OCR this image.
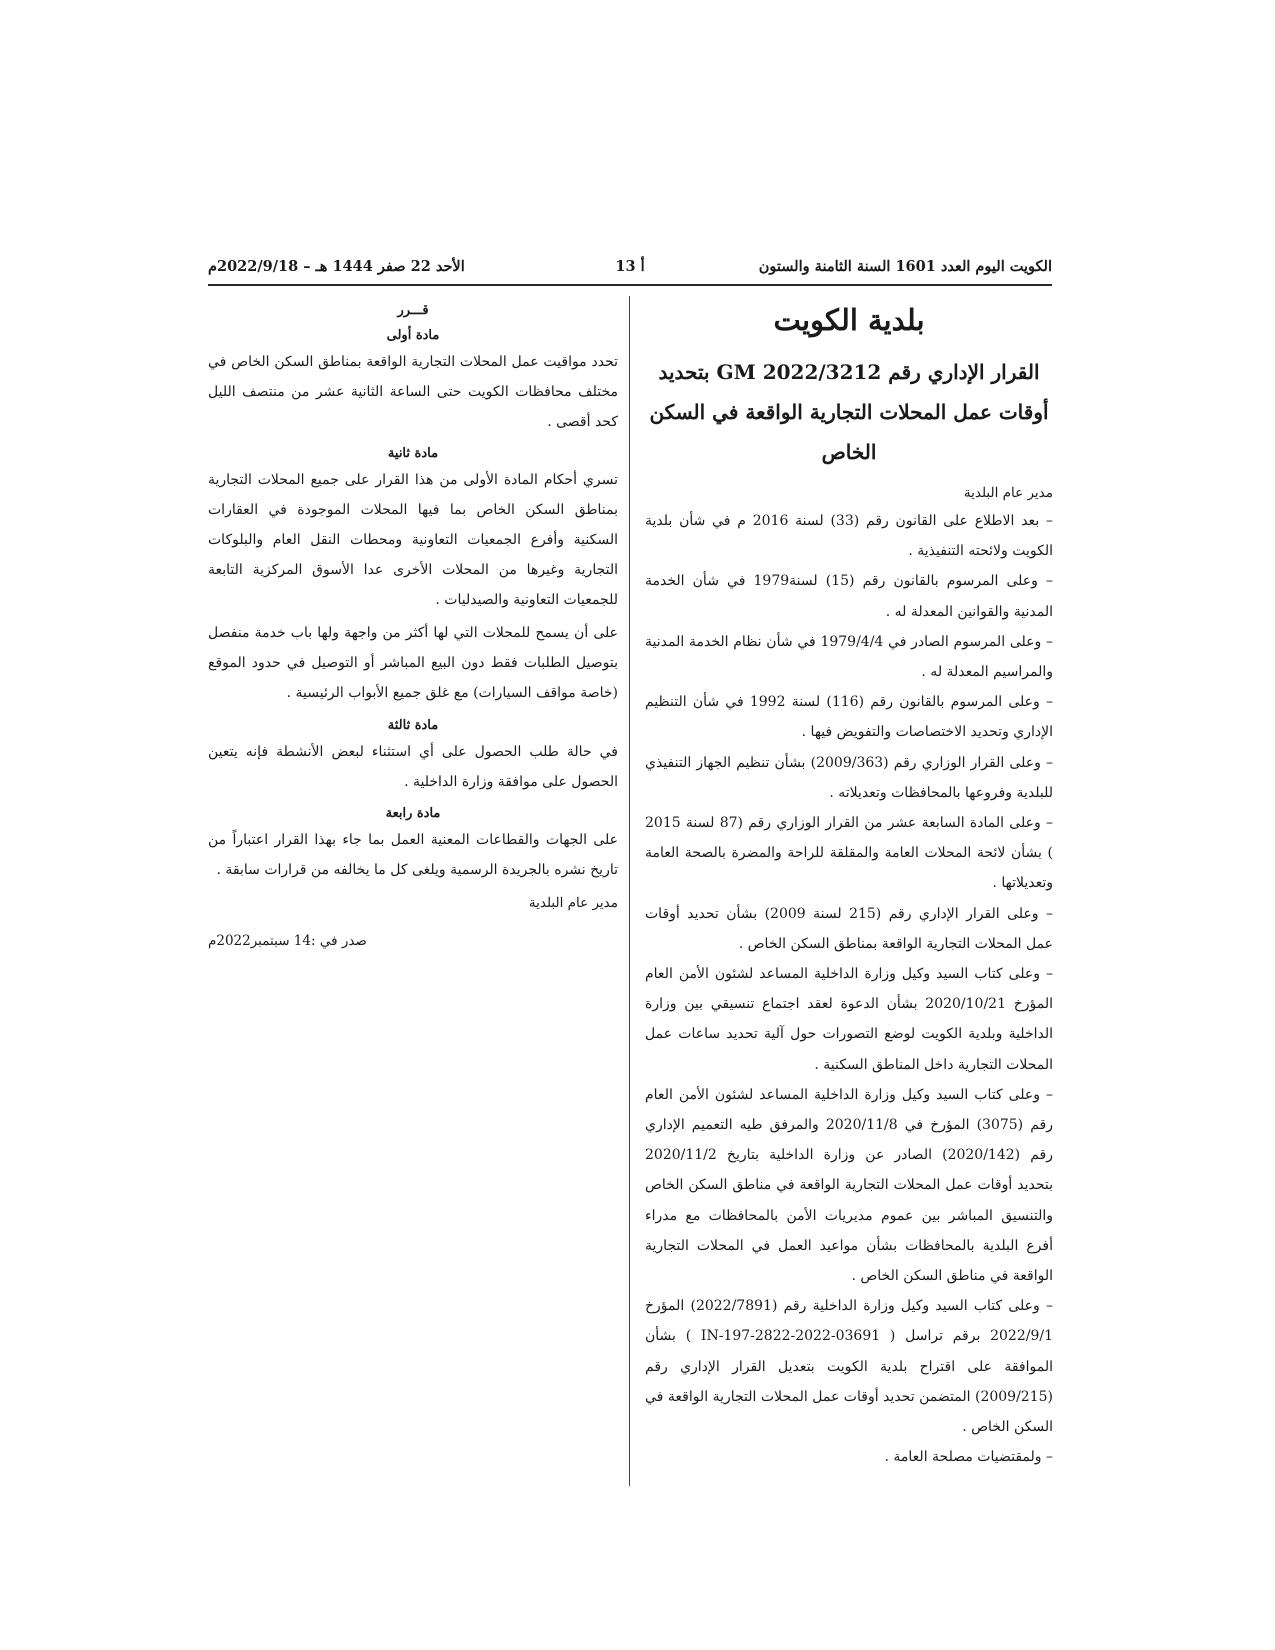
الكويت اليوم العدد 1601 السنة الثامنة والستون
أ 13
الأحد 22 صفر 1444 هـ – 2022/9/18م
بلدية الكويت
القرار الإداري رقم GM 2022/3212 بتحديد أوقات عمل المحلات التجارية الواقعة في السكن الخاص
مدير عام البلدية

– بعد الاطلاع على القانون رقم (33) لسنة 2016 م في شأن بلدية الكويت ولائحته التنفيذية .

– وعلى المرسوم بالقانون رقم (15) لسنة1979 في شأن الخدمة المدنية والقوانين المعدلة له .

– وعلى المرسوم الصادر في 1979/4/4 في شأن نظام الخدمة المدنية والمراسيم المعدلة له .

– وعلى المرسوم بالقانون رقم (116) لسنة 1992 في شأن التنظيم الإداري وتحديد الاختصاصات والتفويض فيها .

– وعلى القرار الوزاري رقم (2009/363) بشأن تنظيم الجهاز التنفيذي للبلدية وفروعها بالمحافظات وتعديلاته .

– وعلى المادة السابعة عشر من القرار الوزاري رقم (87 لسنة 2015 ) بشأن لائحة المحلات العامة والمقلقة للراحة والمضرة بالصحة العامة وتعديلاتها .

– وعلى القرار الإداري رقم (215 لسنة 2009) بشأن تحديد أوقات عمل المحلات التجارية الواقعة بمناطق السكن الخاص .

– وعلى كتاب السيد وكيل وزارة الداخلية المساعد لشئون الأمن العام المؤرخ 2020/10/21 بشأن الدعوة لعقد اجتماع تنسيقي بين وزارة الداخلية وبلدية الكويت لوضع التصورات حول آلية تحديد ساعات عمل المحلات التجارية داخل المناطق السكنية .

– وعلى كتاب السيد وكيل وزارة الداخلية المساعد لشئون الأمن العام رقم (3075) المؤرخ في 2020/11/8 والمرفق طيه التعميم الإداري رقم (2020/142) الصادر عن وزارة الداخلية بتاريخ 2020/11/2 بتحديد أوقات عمل المحلات التجارية الواقعة في مناطق السكن الخاص والتنسيق المباشر بين عموم مديريات الأمن بالمحافظات مع مدراء أفرع البلدية بالمحافظات بشأن مواعيد العمل في المحلات التجارية الواقعة في مناطق السكن الخاص .

– وعلى كتاب السيد وكيل وزارة الداخلية رقم (2022/7891) المؤرخ 2022/9/1 برقم تراسل ( IN-197-2822-2022-03691 ) بشأن الموافقة على اقتراح بلدية الكويت بتعديل القرار الإداري رقم (2009/215) المتضمن تحديد أوقات عمل المحلات التجارية الواقعة في السكن الخاص .

– ولمقتضيات مصلحة العامة .

قـــرر
مادة أولى

تحدد مواقيت عمل المحلات التجارية الواقعة بمناطق السكن الخاص في مختلف محافظات الكويت حتى الساعة الثانية عشر من منتصف الليل كحد أقصى .

مادة ثانية

تسري أحكام المادة الأولى من هذا القرار على جميع المحلات التجارية بمناطق السكن الخاص بما فيها المحلات الموجودة في العقارات السكنية وأفرع الجمعيات التعاونية ومحطات النقل العام والبلوكات التجارية وغيرها من المحلات الأخرى عدا الأسوق المركزية التابعة للجمعيات التعاونية والصيدليات .

على أن يسمح للمحلات التي لها أكثر من واجهة ولها باب خدمة منفصل بتوصيل الطلبات فقط دون البيع المباشر أو التوصيل في حدود الموقع (خاصة مواقف السيارات) مع غلق جميع الأبواب الرئيسية .

مادة ثالثة

في حالة طلب الحصول على أي استثناء لبعض الأنشطة فإنه يتعين الحصول على موافقة وزارة الداخلية .

مادة رابعة

على الجهات والقطاعات المعنية العمل بما جاء بهذا القرار اعتباراً من تاريخ نشره بالجريدة الرسمية ويلغى كل ما يخالفه من قرارات سابقة .

مدير عام البلدية
صدر في :14 سبتمبر2022م
